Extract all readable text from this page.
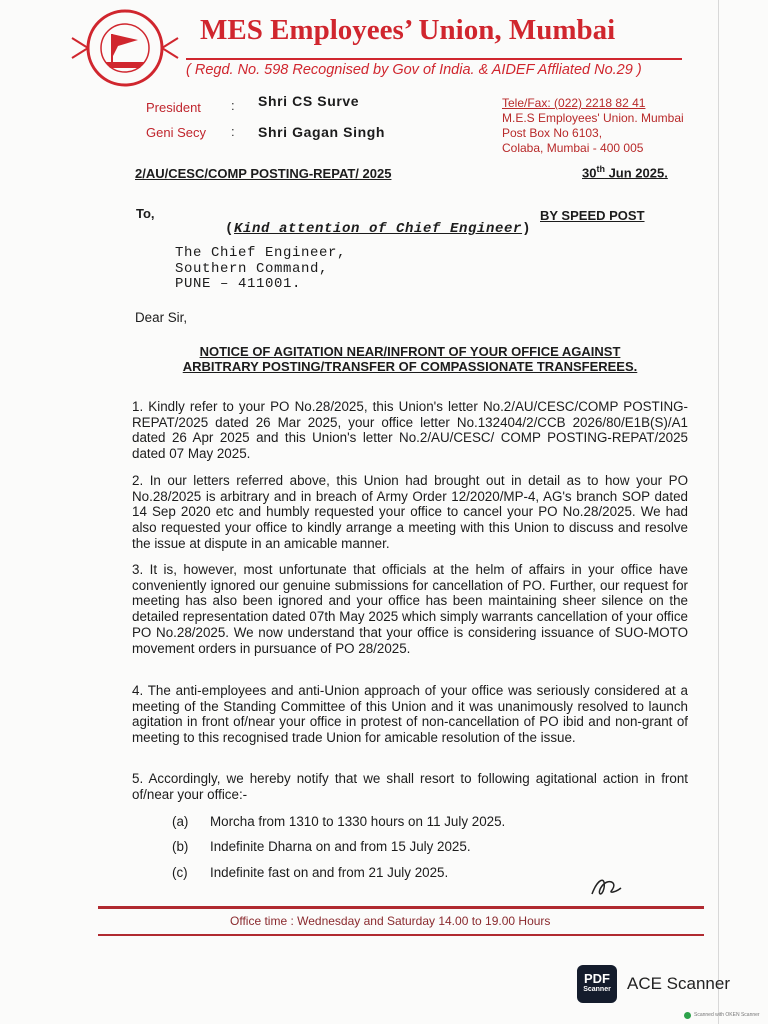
MES Employees’ Union, Mumbai
( Regd. No. 598 Recognised by Gov of India. & AIDEF Affliated No.29 )
President : Shri CS Surve
Geni Secy : Shri Gagan Singh
Tele/Fax: (022) 2218 82 41
M.E.S Employees' Union. Mumbai
Post Box No 6103,
Colaba, Mumbai - 400 005
2/AU/CESC/COMP POSTING-REPAT/ 2025	30th Jun 2025.
To,	BY SPEED POST
(Kind attention of Chief Engineer)
The Chief Engineer,
Southern Command,
PUNE – 411001.
Dear Sir,
NOTICE OF AGITATION NEAR/INFRONT OF YOUR OFFICE AGAINST
ARBITRARY POSTING/TRANSFER OF COMPASSIONATE TRANSFEREES.
1. Kindly refer to your PO No.28/2025, this Union's letter No.2/AU/CESC/COMP POSTING-REPAT/2025 dated 26 Mar 2025, your office letter No.132404/2/CCB 2026/80/E1B(S)/A1 dated 26 Apr 2025 and this Union's letter No.2/AU/CESC/ COMP POSTING-REPAT/2025 dated 07 May 2025.
2. In our letters referred above, this Union had brought out in detail as to how your PO No.28/2025 is arbitrary and in breach of Army Order 12/2020/MP-4, AG's branch SOP dated 14 Sep 2020 etc and humbly requested your office to cancel your PO No.28/2025. We had also requested your office to kindly arrange a meeting with this Union to discuss and resolve the issue at dispute in an amicable manner.
3. It is, however, most unfortunate that officials at the helm of affairs in your office have conveniently ignored our genuine submissions for cancellation of PO. Further, our request for meeting has also been ignored and your office has been maintaining sheer silence on the detailed representation dated 07th May 2025 which simply warrants cancellation of your office PO No.28/2025. We now understand that your office is considering issuance of SUO-MOTO movement orders in pursuance of PO 28/2025.
4. The anti-employees and anti-Union approach of your office was seriously considered at a meeting of the Standing Committee of this Union and it was unanimously resolved to launch agitation in front of/near your office in protest of non-cancellation of PO ibid and non-grant of meeting to this recognised trade Union for amicable resolution of the issue.
5. Accordingly, we hereby notify that we shall resort to following agitational action in front of/near your office:-
(a) Morcha from 1310 to 1330 hours on 11 July 2025.
(b) Indefinite Dharna on and from 15 July 2025.
(c) Indefinite fast on and from 21 July 2025.
Office time : Wednesday and Saturday 14.00 to 19.00 Hours
PDF
Scanner ACE Scanner
Scanned with OKEN Scanner
